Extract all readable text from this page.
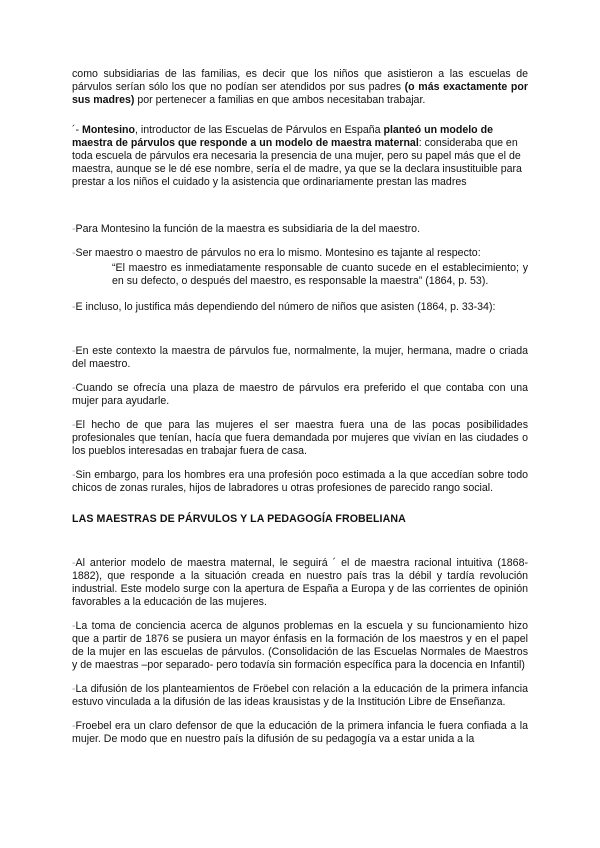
como subsidiarias de las familias, es decir que los niños que asistieron a las escuelas de párvulos serían sólo los que no podían ser atendidos por sus padres (o más exactamente por sus madres) por pertenecer a familias en que ambos necesitaban trabajar.

´- Montesino, introductor de las Escuelas de Párvulos en España planteó un modelo de maestra de párvulos que responde a un modelo de maestra maternal: consideraba que en toda escuela de párvulos era necesaria la presencia de una mujer, pero su papel más que el de maestra, aunque se le dé ese nombre, sería el de madre, ya que se la declara insustituible para prestar a los niños el cuidado y la asistencia que ordinariamente prestan las madres

-Para Montesino la función de la maestra es subsidiaria de la del maestro.

-Ser maestro o maestro de párvulos no era lo mismo. Montesino es tajante al respecto:

“El maestro es inmediatamente responsable de cuanto sucede en el establecimiento; y en su defecto, o después del maestro, es responsable la maestra” (1864, p. 53).

-E incluso, lo justifica más dependiendo del número de niños que asisten (1864, p. 33-34):

-En este contexto la maestra de párvulos fue, normalmente, la mujer, hermana, madre o criada del maestro.

-Cuando se ofrecía una plaza de maestro de párvulos era preferido el que contaba con una mujer para ayudarle.

-El hecho de que para las mujeres el ser maestra fuera una de las pocas posibilidades profesionales que tenían, hacía que fuera demandada por mujeres que vivían en las ciudades o los pueblos interesadas en trabajar fuera de casa.

-Sin embargo, para los hombres era una profesión poco estimada a la que accedían sobre todo chicos de zonas rurales, hijos de labradores u otras profesiones de parecido rango social.

LAS MAESTRAS DE PÁRVULOS Y LA PEDAGOGÍA FROBELIANA

-Al anterior modelo de maestra maternal, le seguirá ´ el de maestra racional intuitiva (1868-1882), que responde a la situación creada en nuestro país tras la débil y tardía revolución industrial. Este modelo surge con la apertura de España a Europa y de las corrientes de opinión favorables a la educación de las mujeres.

-La toma de conciencia acerca de algunos problemas en la escuela y su funcionamiento hizo que a partir de 1876 se pusiera un mayor énfasis en la formación de los maestros y en el papel de la mujer en las escuelas de párvulos. (Consolidación de las Escuelas Normales de Maestros y de maestras –por separado- pero todavía sin formación específica para la docencia en Infantil)

-La difusión de los planteamientos de Fröebel con relación a la educación de la primera infancia estuvo vinculada a la difusión de las ideas krausistas y de la Institución Libre de Enseñanza.

-Froebel era un claro defensor de que la educación de la primera infancia le fuera confiada a la mujer. De modo que en nuestro país la difusión de su pedagogía va a estar unida a la
